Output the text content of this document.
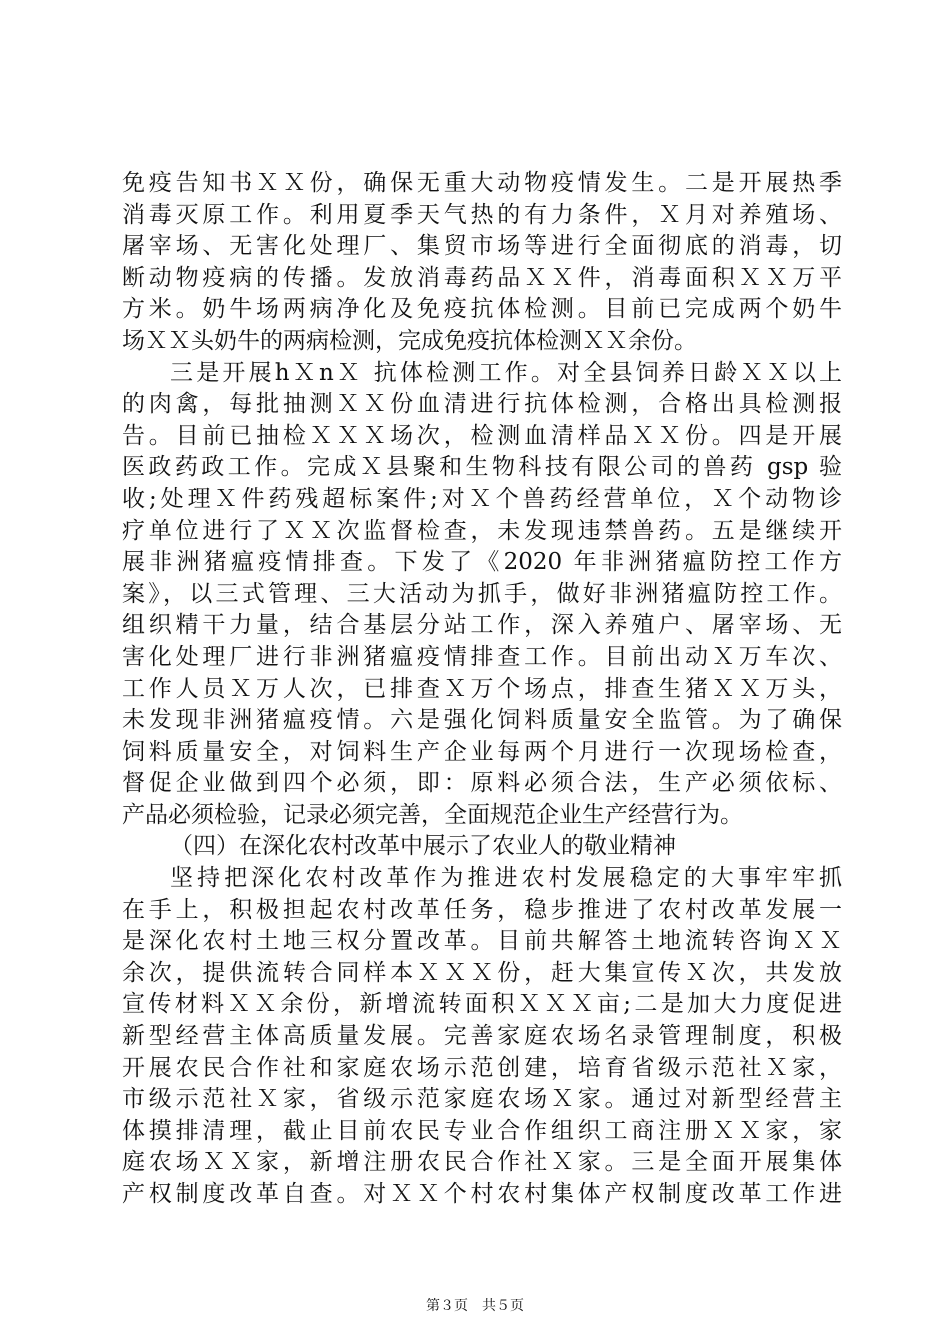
免疫告知书ＸＸ份，确保无重大动物疫情发生。二是开展热季
消毒灭原工作。利用夏季天气热的有力条件，Ｘ月对养殖场、
屠宰场、无害化处理厂、集贸市场等进行全面彻底的消毒，切
断动物疫病的传播。发放消毒药品ＸＸ件，消毒面积ＸＸ万平
方米。奶牛场两病净化及免疫抗体检测。目前已完成两个奶牛
场ＸＸ头奶牛的两病检测，完成免疫抗体检测ＸＸ余份。
三是开展hＸnＸ 抗体检测工作。对全县饲养日龄ＸＸ以上
的肉禽，每批抽测ＸＸ份血清进行抗体检测，合格出具检测报
告。目前已抽检ＸＸＸ场次，检测血清样品ＸＸ份。四是开展
医政药政工作。完成Ｘ县聚和生物科技有限公司的兽药 gsp 验
收;处理Ｘ件药残超标案件;对Ｘ个兽药经营单位，Ｘ个动物诊
疗单位进行了ＸＸ次监督检查，未发现违禁兽药。五是继续开
展非洲猪瘟疫情排查。下发了《2020 年非洲猪瘟防控工作方
案》，以三式管理、三大活动为抓手，做好非洲猪瘟防控工作。
组织精干力量，结合基层分站工作，深入养殖户、屠宰场、无
害化处理厂进行非洲猪瘟疫情排查工作。目前出动Ｘ万车次、
工作人员Ｘ万人次，已排查Ｘ万个场点，排查生猪ＸＸ万头，
未发现非洲猪瘟疫情。六是强化饲料质量安全监管。为了确保
饲料质量安全，对饲料生产企业每两个月进行一次现场检查，
督促企业做到四个必须，即：原料必须合法，生产必须依标、
产品必须检验，记录必须完善，全面规范企业生产经营行为。
（四）在深化农村改革中展示了农业人的敬业精神
坚持把深化农村改革作为推进农村发展稳定的大事牢牢抓
在手上，积极担起农村改革任务，稳步推进了农村改革发展一
是深化农村土地三权分置改革。目前共解答土地流转咨询ＸＸ
余次，提供流转合同样本ＸＸＸ份，赶大集宣传Ｘ次，共发放
宣传材料ＸＸ余份，新增流转面积ＸＸＸ亩;二是加大力度促进
新型经营主体高质量发展。完善家庭农场名录管理制度，积极
开展农民合作社和家庭农场示范创建，培育省级示范社Ｘ家，
市级示范社Ｘ家，省级示范家庭农场Ｘ家。通过对新型经营主
体摸排清理，截止目前农民专业合作组织工商注册ＸＸ家，家
庭农场ＸＸ家，新增注册农民合作社Ｘ家。三是全面开展集体
产权制度改革自查。对ＸＸ个村农村集体产权制度改革工作进
第３页　共５页
